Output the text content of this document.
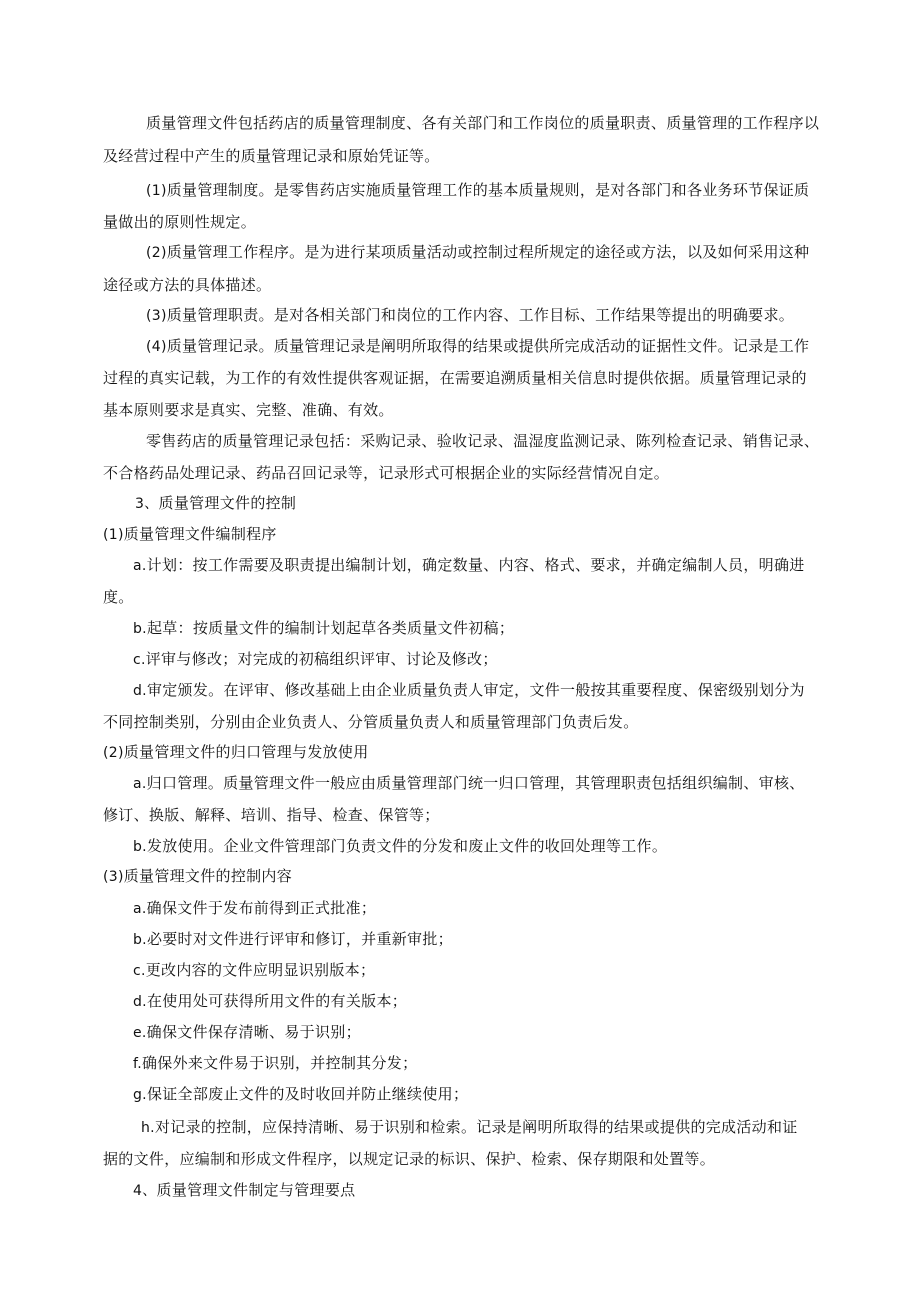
质量管理文件包括药店的质量管理制度、各有关部门和工作岗位的质量职责、质量管理的工作程序以
及经营过程中产生的质量管理记录和原始凭证等。
(1)质量管理制度。是零售药店实施质量管理工作的基本质量规则，是对各部门和各业务环节保证质
量做出的原则性规定。
(2)质量管理工作程序。是为进行某项质量活动或控制过程所规定的途径或方法，以及如何采用这种
途径或方法的具体描述。
(3)质量管理职责。是对各相关部门和岗位的工作内容、工作目标、工作结果等提出的明确要求。
(4)质量管理记录。质量管理记录是阐明所取得的结果或提供所完成活动的证据性文件。记录是工作
过程的真实记载，为工作的有效性提供客观证据，在需要追溯质量相关信息时提供依据。质量管理记录的
基本原则要求是真实、完整、准确、有效。
零售药店的质量管理记录包括：采购记录、验收记录、温湿度监测记录、陈列检查记录、销售记录、
不合格药品处理记录、药品召回记录等，记录形式可根据企业的实际经营情况自定。
3、质量管理文件的控制
(1)质量管理文件编制程序
a.计划：按工作需要及职责提出编制计划，确定数量、内容、格式、要求，并确定编制人员，明确进
度。
b.起草：按质量文件的编制计划起草各类质量文件初稿；
c.评审与修改；对完成的初稿组织评审、讨论及修改；
d.审定颁发。在评审、修改基础上由企业质量负责人审定，文件一般按其重要程度、保密级别划分为
不同控制类别，分别由企业负责人、分管质量负责人和质量管理部门负责后发。
(2)质量管理文件的归口管理与发放使用
a.归口管理。质量管理文件一般应由质量管理部门统一归口管理，其管理职责包括组织编制、审核、
修订、换版、解释、培训、指导、检查、保管等；
b.发放使用。企业文件管理部门负责文件的分发和废止文件的收回处理等工作。
(3)质量管理文件的控制内容
a.确保文件于发布前得到正式批准；
b.必要时对文件进行评审和修订，并重新审批；
c.更改内容的文件应明显识别版本；
d.在使用处可获得所用文件的有关版本；
e.确保文件保存清晰、易于识别；
f.确保外来文件易于识别，并控制其分发；
g.保证全部废止文件的及时收回并防止继续使用；
h.对记录的控制，应保持清晰、易于识别和检索。记录是阐明所取得的结果或提供的完成活动和证
据的文件，应编制和形成文件程序，以规定记录的标识、保护、检索、保存期限和处置等。
4、质量管理文件制定与管理要点
